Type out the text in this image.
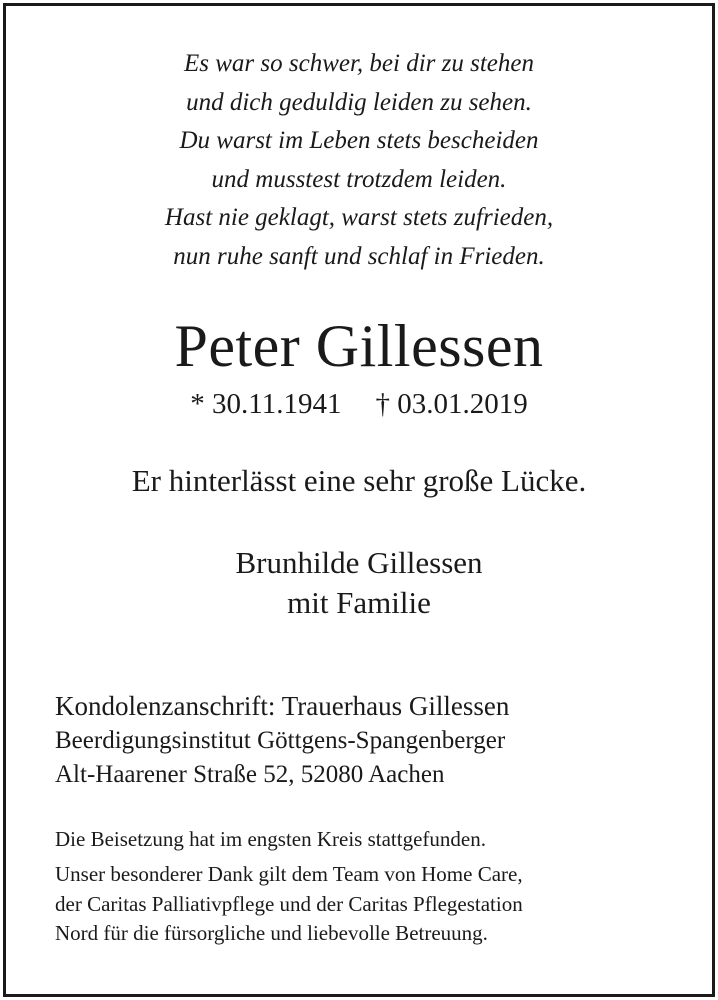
Es war so schwer, bei dir zu stehen
und dich geduldig leiden zu sehen.
Du warst im Leben stets bescheiden
und musstest trotzdem leiden.
Hast nie geklagt, warst stets zufrieden,
nun ruhe sanft und schlaf in Frieden.
Peter Gillessen
* 30.11.1941 † 03.01.2019
Er hinterlässt eine sehr große Lücke.
Brunhilde Gillessen
mit Familie
Kondolenzanschrift: Trauerhaus Gillessen
Beerdigungsinstitut Göttgens-Spangenberger
Alt-Haarener Straße 52, 52080 Aachen
Die Beisetzung hat im engsten Kreis stattgefunden.
Unser besonderer Dank gilt dem Team von Home Care,
der Caritas Palliativpflege und der Caritas Pflegestation
Nord für die fürsorgliche und liebevolle Betreuung.
